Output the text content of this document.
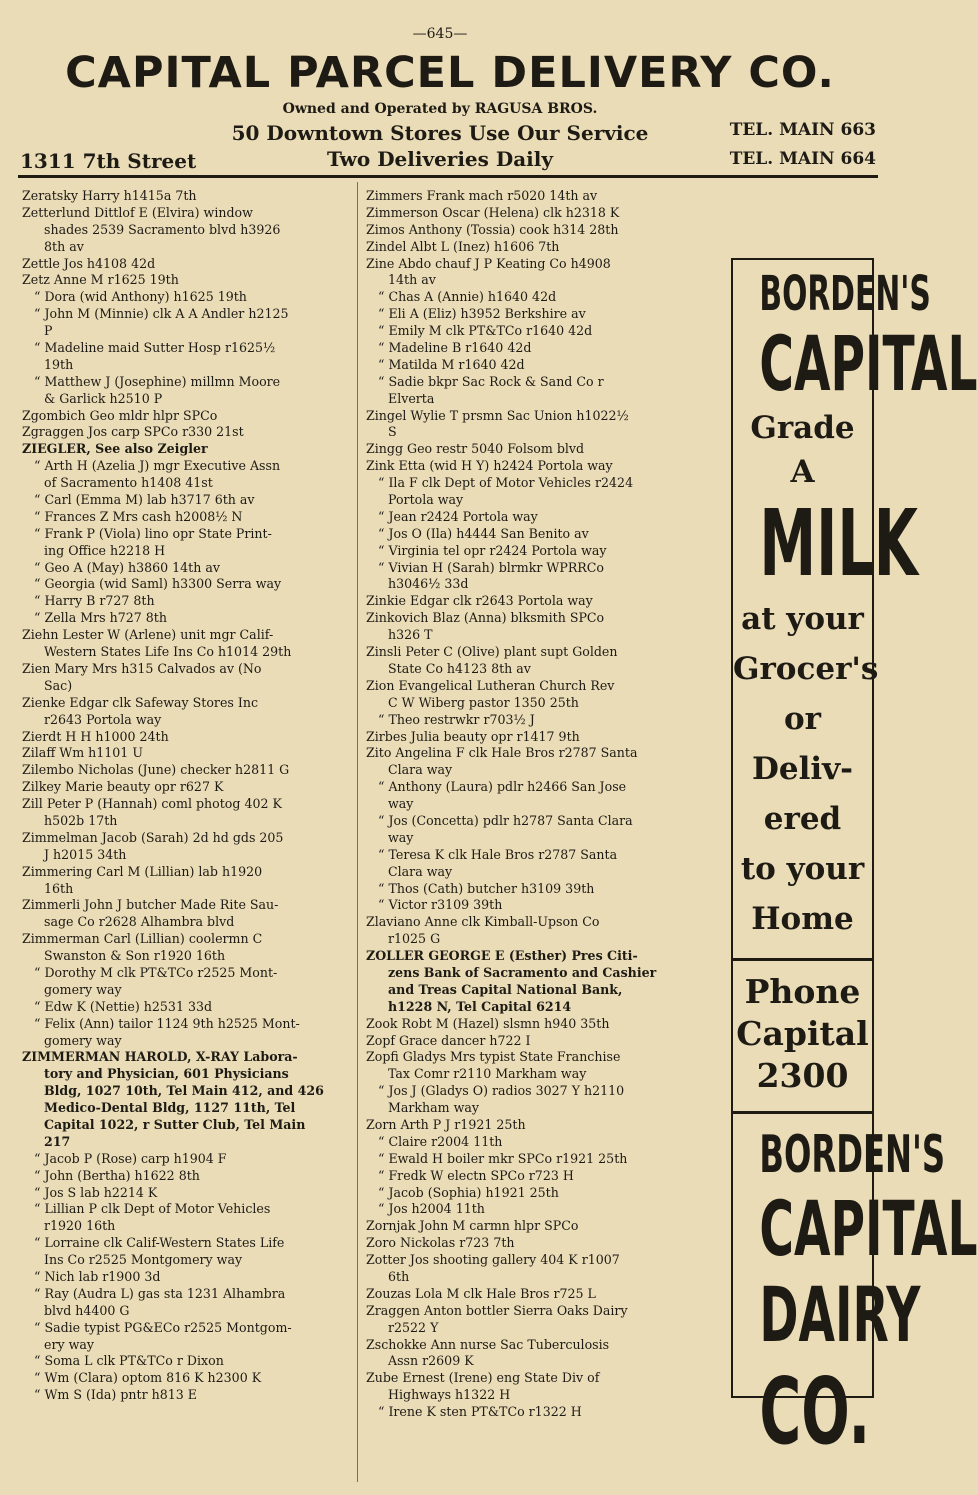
—645—
CAPITAL PARCEL DELIVERY CO.
Owned and Operated by RAGUSA BROS.
50 Downtown Stores Use Our Service
Two Deliveries Daily
1311 7th Street
TEL. MAIN 663
TEL. MAIN 664
Zeratsky Harry h1415a 7th
Zetterlund Dittlof E (Elvira) window
shades 2539 Sacramento blvd h3926
8th av
Zettle Jos h4108 42d
Zetz Anne M r1625 19th
“ Dora (wid Anthony) h1625 19th
“ John M (Minnie) clk A A Andler h2125
P
“ Madeline maid Sutter Hosp r1625½
19th
“ Matthew J (Josephine) millmn Moore
& Garlick h2510 P
Zgombich Geo mldr hlpr SPCo
Zgraggen Jos carp SPCo r330 21st
ZIEGLER, See also Zeigler
“ Arth H (Azelia J) mgr Executive Assn
of Sacramento h1408 41st
“ Carl (Emma M) lab h3717 6th av
“ Frances Z Mrs cash h2008½ N
“ Frank P (Viola) lino opr State Print-
ing Office h2218 H
“ Geo A (May) h3860 14th av
“ Georgia (wid Saml) h3300 Serra way
“ Harry B r727 8th
“ Zella Mrs h727 8th
Ziehn Lester W (Arlene) unit mgr Calif-
Western States Life Ins Co h1014 29th
Zien Mary Mrs h315 Calvados av (No
Sac)
Zienke Edgar clk Safeway Stores Inc
r2643 Portola way
Zierdt H H h1000 24th
Zilaff Wm h1101 U
Zilembo Nicholas (June) checker h2811 G
Zilkey Marie beauty opr r627 K
Zill Peter P (Hannah) coml photog 402 K
h502b 17th
Zimmelman Jacob (Sarah) 2d hd gds 205
J h2015 34th
Zimmering Carl M (Lillian) lab h1920
16th
Zimmerli John J butcher Made Rite Sau-
sage Co r2628 Alhambra blvd
Zimmerman Carl (Lillian) coolermn C
Swanston & Son r1920 16th
“ Dorothy M clk PT&TCo r2525 Mont-
gomery way
“ Edw K (Nettie) h2531 33d
“ Felix (Ann) tailor 1124 9th h2525 Mont-
gomery way
ZIMMERMAN HAROLD, X-RAY Labora-
tory and Physician, 601 Physicians
Bldg, 1027 10th, Tel Main 412, and 426
Medico-Dental Bldg, 1127 11th, Tel
Capital 1022, r Sutter Club, Tel Main
217
“ Jacob P (Rose) carp h1904 F
“ John (Bertha) h1622 8th
“ Jos S lab h2214 K
“ Lillian P clk Dept of Motor Vehicles
r1920 16th
“ Lorraine clk Calif-Western States Life
Ins Co r2525 Montgomery way
“ Nich lab r1900 3d
“ Ray (Audra L) gas sta 1231 Alhambra
blvd h4400 G
“ Sadie typist PG&ECo r2525 Montgom-
ery way
“ Soma L clk PT&TCo r Dixon
“ Wm (Clara) optom 816 K h2300 K
“ Wm S (Ida) pntr h813 E
Zimmers Frank mach r5020 14th av
Zimmerson Oscar (Helena) clk h2318 K
Zimos Anthony (Tossia) cook h314 28th
Zindel Albt L (Inez) h1606 7th
Zine Abdo chauf J P Keating Co h4908
14th av
“ Chas A (Annie) h1640 42d
“ Eli A (Eliz) h3952 Berkshire av
“ Emily M clk PT&TCo r1640 42d
“ Madeline B r1640 42d
“ Matilda M r1640 42d
“ Sadie bkpr Sac Rock & Sand Co r
Elverta
Zingel Wylie T prsmn Sac Union h1022½
S
Zingg Geo restr 5040 Folsom blvd
Zink Etta (wid H Y) h2424 Portola way
“ Ila F clk Dept of Motor Vehicles r2424
Portola way
“ Jean r2424 Portola way
“ Jos O (Ila) h4444 San Benito av
“ Virginia tel opr r2424 Portola way
“ Vivian H (Sarah) blrmkr WPRRCo
h3046½ 33d
Zinkie Edgar clk r2643 Portola way
Zinkovich Blaz (Anna) blksmith SPCo
h326 T
Zinsli Peter C (Olive) plant supt Golden
State Co h4123 8th av
Zion Evangelical Lutheran Church Rev
C W Wiberg pastor 1350 25th
“ Theo restrwkr r703½ J
Zirbes Julia beauty opr r1417 9th
Zito Angelina F clk Hale Bros r2787 Santa
Clara way
“ Anthony (Laura) pdlr h2466 San Jose
way
“ Jos (Concetta) pdlr h2787 Santa Clara
way
“ Teresa K clk Hale Bros r2787 Santa
Clara way
“ Thos (Cath) butcher h3109 39th
“ Victor r3109 39th
Zlaviano Anne clk Kimball-Upson Co
r1025 G
ZOLLER GEORGE E (Esther) Pres Citi-
zens Bank of Sacramento and Cashier
and Treas Capital National Bank,
h1228 N, Tel Capital 6214
Zook Robt M (Hazel) slsmn h940 35th
Zopf Grace dancer h722 I
Zopfi Gladys Mrs typist State Franchise
Tax Comr r2110 Markham way
“ Jos J (Gladys O) radios 3027 Y h2110
Markham way
Zorn Arth P J r1921 25th
“ Claire r2004 11th
“ Ewald H boiler mkr SPCo r1921 25th
“ Fredk W electn SPCo r723 H
“ Jacob (Sophia) h1921 25th
“ Jos h2004 11th
Zornjak John M carmn hlpr SPCo
Zoro Nickolas r723 7th
Zotter Jos shooting gallery 404 K r1007
6th
Zouzas Lola M clk Hale Bros r725 L
Zraggen Anton bottler Sierra Oaks Dairy
r2522 Y
Zschokke Ann nurse Sac Tuberculosis
Assn r2609 K
Zube Ernest (Irene) eng State Div of
Highways h1322 H
“ Irene K sten PT&TCo r1322 H
BORDEN'S
CAPITAL
Grade A
MILK
at your
Grocer's
or
Deliv-
ered
to your
Home
Phone
Capital
2300
BORDEN'S
CAPITAL
DAIRY
CO.
